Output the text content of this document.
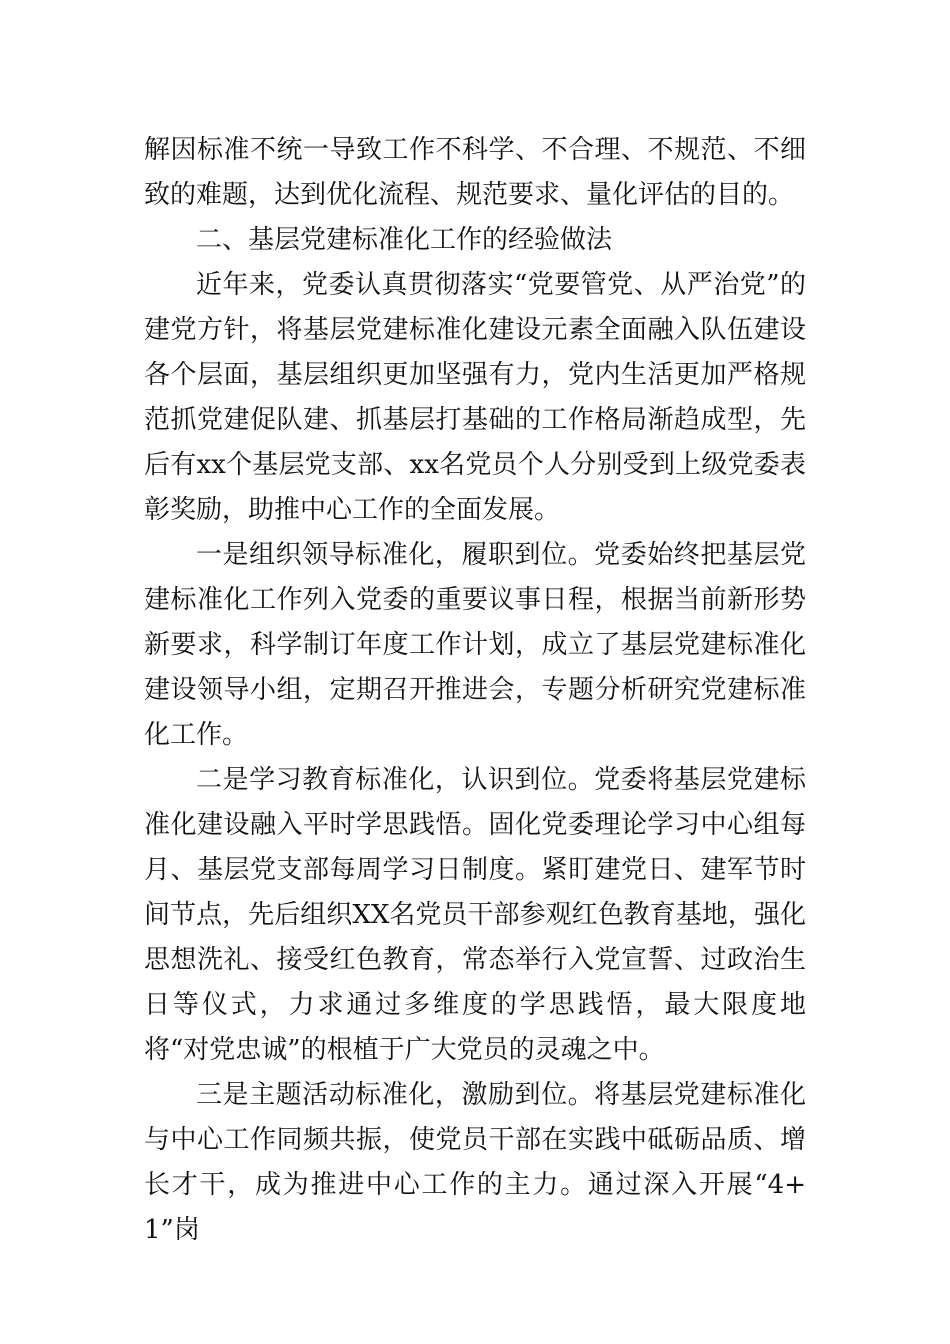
解因标准不统一导致工作不科学、不合理、不规范、不细致的难题，达到优化流程、规范要求、量化评估的目的。

二、基层党建标准化工作的经验做法

近年来，党委认真贯彻落实“党要管党、从严治党”的建党方针，将基层党建标准化建设元素全面融入队伍建设各个层面，基层组织更加坚强有力，党内生活更加严格规范抓党建促队建、抓基层打基础的工作格局渐趋成型，先后有xx个基层党支部、xx名党员个人分别受到上级党委表彰奖励，助推中心工作的全面发展。

一是组织领导标准化，履职到位。党委始终把基层党建标准化工作列入党委的重要议事日程，根据当前新形势新要求，科学制订年度工作计划，成立了基层党建标准化建设领导小组，定期召开推进会，专题分析研究党建标准化工作。

二是学习教育标准化，认识到位。党委将基层党建标准化建设融入平时学思践悟。固化党委理论学习中心组每月、基层党支部每周学习日制度。紧盯建党日、建军节时间节点，先后组织XX名党员干部参观红色教育基地，强化思想洗礼、接受红色教育，常态举行入党宣誓、过政治生日等仪式，力求通过多维度的学思践悟，最大限度地将“对党忠诚”的根植于广大党员的灵魂之中。

三是主题活动标准化，激励到位。将基层党建标准化与中心工作同频共振，使党员干部在实践中砥砺品质、增长才干，成为推进中心工作的主力。通过深入开展“4+1”岗
